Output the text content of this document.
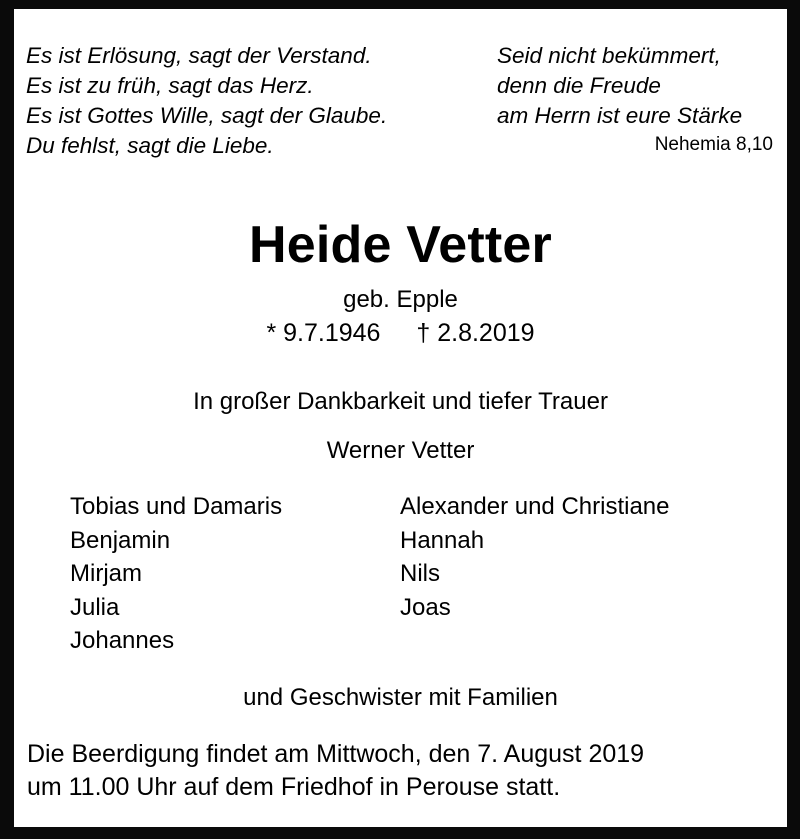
Es ist Erlösung, sagt der Verstand.
Es ist zu früh, sagt das Herz.
Es ist Gottes Wille, sagt der Glaube.
Du fehlst, sagt die Liebe.
Seid nicht bekümmert,
denn die Freude
am Herrn ist eure Stärke
Nehemia 8,10
Heide Vetter
geb. Epple
* 9.7.1946 † 2.8.2019
In großer Dankbarkeit und tiefer Trauer
Werner Vetter
Tobias und Damaris
Benjamin
Mirjam
Julia
Johannes
Alexander und Christiane
Hannah
Nils
Joas
und Geschwister mit Familien
Die Beerdigung findet am Mittwoch, den 7. August 2019
um 11.00 Uhr auf dem Friedhof in Perouse statt.
